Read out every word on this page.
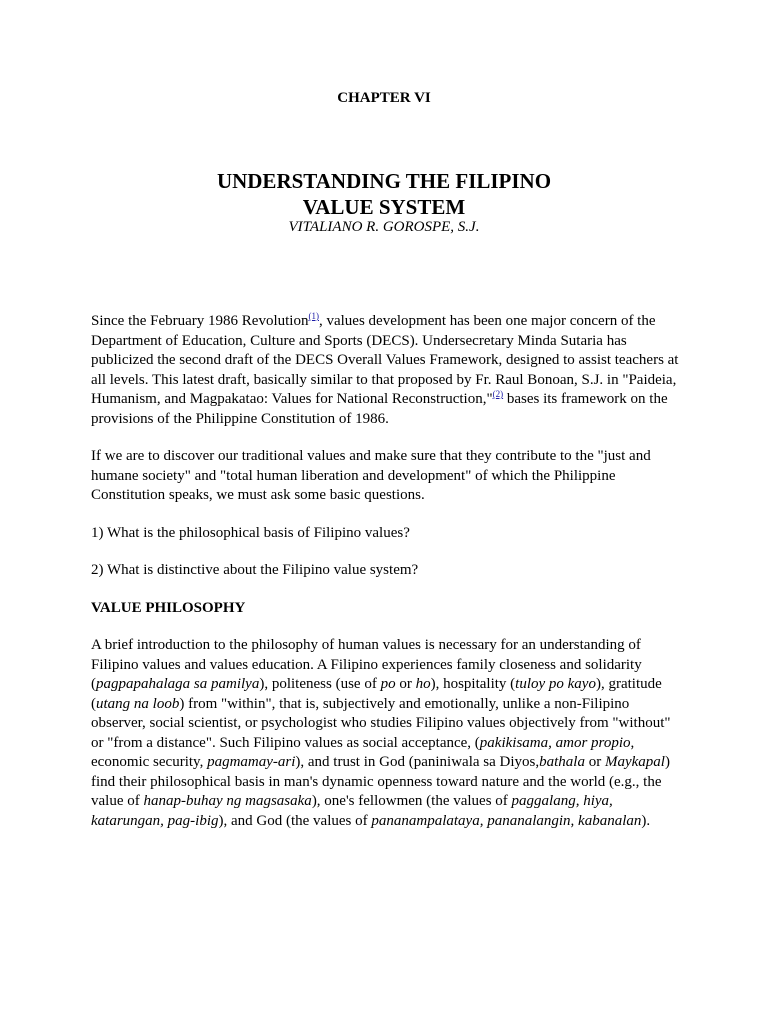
CHAPTER VI
UNDERSTANDING THE FILIPINO
VALUE SYSTEM
VITALIANO R. GOROSPE, S.J.

Since the February 1986 Revolution$^{(1)}$, values development has been one major concern of the Department of Education, Culture and Sports (DECS). Undersecretary Minda Sutaria has publicized the second draft of the DECS Overall Values Framework, designed to assist teachers at all levels. This latest draft, basically similar to that proposed by Fr. Raul Bonoan, S.J. in "Paideia, Humanism, and Magpakatao: Values for National Reconstruction,"$^{(2)}$ bases its framework on the provisions of the Philippine Constitution of 1986.

If we are to discover our traditional values and make sure that they contribute to the "just and humane society" and "total human liberation and development" of which the Philippine Constitution speaks, we must ask some basic questions.

1) What is the philosophical basis of Filipino values?

2) What is distinctive about the Filipino value system?

VALUE PHILOSOPHY

A brief introduction to the philosophy of human values is necessary for an understanding of Filipino values and values education. A Filipino experiences family closeness and solidarity (pagpapahalaga sa pamilya), politeness (use of po or ho), hospitality (tuloy po kayo), gratitude (utang na loob) from "within", that is, subjectively and emotionally, unlike a non-Filipino observer, social scientist, or psychologist who studies Filipino values objectively from "without" or "from a distance". Such Filipino values as social acceptance, (pakikisama, amor propio, economic security, pagmamay-ari), and trust in God (paniniwala sa Diyos,bathala or Maykapal) find their philosophical basis in man's dynamic openness toward nature and the world (e.g., the value of hanap-buhay ng magsasaka), one's fellowmen (the values of paggalang, hiya, katarungan, pag-ibig), and God (the values of pananampalataya, pananalangin, kabanalan).
